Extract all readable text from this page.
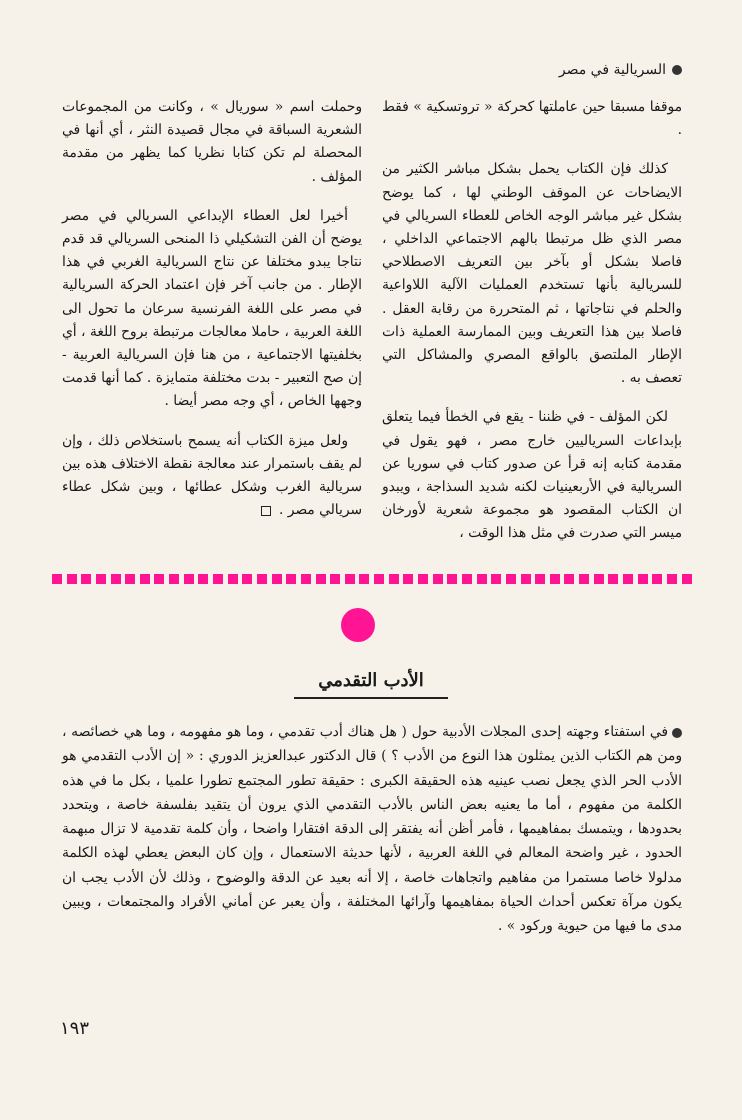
السريالية في مصر

موقفا مسبقا حين عاملتها كحركة « تروتسكية » فقط .

كذلك فإن الكتاب يحمل بشكل مباشر الكثير من الايضاحات عن الموقف الوطني لها ، كما يوضح بشكل غير مباشر الوجه الخاص للعطاء السريالي في مصر الذي ظل مرتبطا بالهم الاجتماعي الداخلي ، فاصلا بشكل أو بآخر بين التعريف الاصطلاحي للسريالية بأنها تستخدم العمليات الآلية اللاواعية والحلم في نتاجاتها ، ثم المتحررة من رقابة العقل . فاصلا بين هذا التعريف وبين الممارسة العملية ذات الإطار الملتصق بالواقع المصري والمشاكل التي تعصف به .

لكن المؤلف - في ظننا - يقع في الخطأ فيما يتعلق بإبداعات السرياليين خارج مصر ، فهو يقول في مقدمة كتابه إنه قرأ عن صدور كتاب في سوريا عن السريالية في الأربعينيات لكنه شديد السذاجة ، ويبدو ان الكتاب المقصود هو مجموعة شعرية لأورخان ميسر التي صدرت في مثل هذا الوقت ،

وحملت اسم « سوريال » ، وكانت من المجموعات الشعرية السباقة في مجال قصيدة النثر ، أي أنها في المحصلة لم تكن كتابا نظريا كما يظهر من مقدمة المؤلف .

أخيرا لعل العطاء الإبداعي السريالي في مصر يوضح أن الفن التشكيلي ذا المنحى السريالي قد قدم نتاجا يبدو مختلفا عن نتاج السريالية الغربي في هذا الإطار . من جانب آخر فإن اعتماد الحركة السريالية في مصر على اللغة الفرنسية سرعان ما تحول الى اللغة العربية ، حاملا معالجات مرتبطة بروح اللغة ، أي بخلفيتها الاجتماعية ، من هنا فإن السريالية العربية - إن صح التعبير - بدت مختلفة متمايزة . كما أنها قدمت وجهها الخاص ، أي وجه مصر أيضا .

ولعل ميزة الكتاب أنه يسمح باستخلاص ذلك ، وإن لم يقف باستمرار عند معالجة نقطة الاختلاف هذه بين سريالية الغرب وشكل عطائها ، وبين شكل عطاء سريالي مصر .

الأدب التقدمي
في استفتاء وجهته إحدى المجلات الأدبية حول ( هل هناك أدب تقدمي ، وما هو مفهومه ، وما هي خصائصه ، ومن هم الكتاب الذين يمثلون هذا النوع من الأدب ؟ ) قال الدكتور عبدالعزيز الدوري : « إن الأدب التقدمي هو الأدب الحر الذي يجعل نصب عينيه هذه الحقيقة الكبرى : حقيقة تطور المجتمع تطورا علميا ، بكل ما في هذه الكلمة من مفهوم ، أما ما يعنيه بعض الناس بالأدب التقدمي الذي يرون أن يتقيد بفلسفة خاصة ، ويتحدد بحدودها ، ويتمسك بمفاهيمها ، فأمر أظن أنه يفتقر إلى الدقة افتقارا واضحا ، وأن كلمة تقدمية لا تزال مبهمة الحدود ، غير واضحة المعالم في اللغة العربية ، لأنها حديثة الاستعمال ، وإن كان البعض يعطي لهذه الكلمة مدلولا خاصا مستمرا من مفاهيم واتجاهات خاصة ، إلا أنه بعيد عن الدقة والوضوح ، وذلك لأن الأدب يجب ان يكون مرآة تعكس أحداث الحياة بمفاهيمها وآرائها المختلفة ، وأن يعبر عن أماني الأفراد والمجتمعات ، ويبين مدى ما فيها من حيوية وركود » .
١٩٣
